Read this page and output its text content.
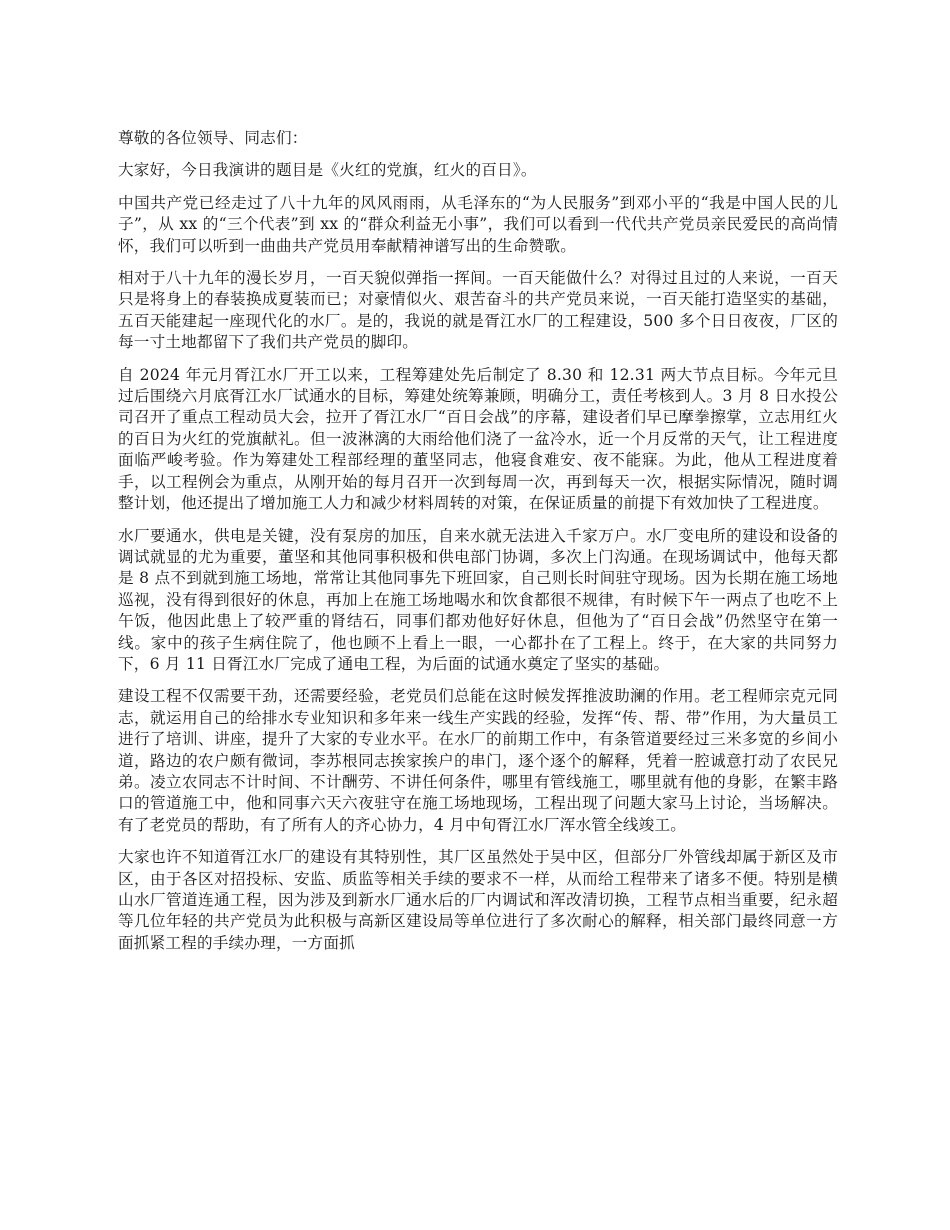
尊敬的各位领导、同志们：

大家好，今日我演讲的题目是《火红的党旗，红火的百日》。

中国共产党已经走过了八十九年的风风雨雨，从毛泽东的“为人民服务”到邓小平的“我是中国人民的儿子”，从 xx 的“三个代表”到 xx 的“群众利益无小事”，我们可以看到一代代共产党员亲民爱民的高尚情怀，我们可以听到一曲曲共产党员用奉献精神谱写出的生命赞歌。

相对于八十九年的漫长岁月，一百天貌似弹指一挥间。一百天能做什么？对得过且过的人来说，一百天只是将身上的春装换成夏装而已；对豪情似火、艰苦奋斗的共产党员来说，一百天能打造坚实的基础，五百天能建起一座现代化的水厂。是的，我说的就是胥江水厂的工程建设，500 多个日日夜夜，厂区的每一寸土地都留下了我们共产党员的脚印。

自 2024 年元月胥江水厂开工以来，工程筹建处先后制定了 8.30 和 12.31 两大节点目标。今年元旦过后围绕六月底胥江水厂试通水的目标，筹建处统筹兼顾，明确分工，责任考核到人。3 月 8 日水投公司召开了重点工程动员大会，拉开了胥江水厂“百日会战”的序幕，建设者们早已摩拳擦掌，立志用红火的百日为火红的党旗献礼。但一波淋漓的大雨给他们浇了一盆冷水，近一个月反常的天气，让工程进度面临严峻考验。作为筹建处工程部经理的董坚同志，他寝食难安、夜不能寐。为此，他从工程进度着手，以工程例会为重点，从刚开始的每月召开一次到每周一次，再到每天一次，根据实际情况，随时调整计划，他还提出了增加施工人力和减少材料周转的对策，在保证质量的前提下有效加快了工程进度。

水厂要通水，供电是关键，没有泵房的加压，自来水就无法进入千家万户。水厂变电所的建设和设备的调试就显的尤为重要，董坚和其他同事积极和供电部门协调，多次上门沟通。在现场调试中，他每天都是 8 点不到就到施工场地，常常让其他同事先下班回家，自己则长时间驻守现场。因为长期在施工场地巡视，没有得到很好的休息，再加上在施工场地喝水和饮食都很不规律，有时候下午一两点了也吃不上午饭，他因此患上了较严重的肾结石，同事们都劝他好好休息，但他为了“百日会战”仍然坚守在第一线。家中的孩子生病住院了，他也顾不上看上一眼，一心都扑在了工程上。终于，在大家的共同努力下，6 月 11 日胥江水厂完成了通电工程，为后面的试通水奠定了坚实的基础。

建设工程不仅需要干劲，还需要经验，老党员们总能在这时候发挥推波助澜的作用。老工程师宗克元同志，就运用自己的给排水专业知识和多年来一线生产实践的经验，发挥“传、帮、带”作用，为大量员工进行了培训、讲座，提升了大家的专业水平。在水厂的前期工作中，有条管道要经过三米多宽的乡间小道，路边的农户颇有微词，李苏根同志挨家挨户的串门，逐个逐个的解释，凭着一腔诚意打动了农民兄弟。凌立农同志不计时间、不计酬劳、不讲任何条件，哪里有管线施工，哪里就有他的身影，在繁丰路口的管道施工中，他和同事六天六夜驻守在施工场地现场，工程出现了问题大家马上讨论，当场解决。有了老党员的帮助，有了所有人的齐心协力，4 月中旬胥江水厂浑水管全线竣工。

大家也许不知道胥江水厂的建设有其特别性，其厂区虽然处于吴中区，但部分厂外管线却属于新区及市区，由于各区对招投标、安监、质监等相关手续的要求不一样，从而给工程带来了诸多不便。特别是横山水厂管道连通工程，因为涉及到新水厂通水后的厂内调试和浑改清切换，工程节点相当重要，纪永超等几位年轻的共产党员为此积极与高新区建设局等单位进行了多次耐心的解释，相关部门最终同意一方面抓紧工程的手续办理，一方面抓
